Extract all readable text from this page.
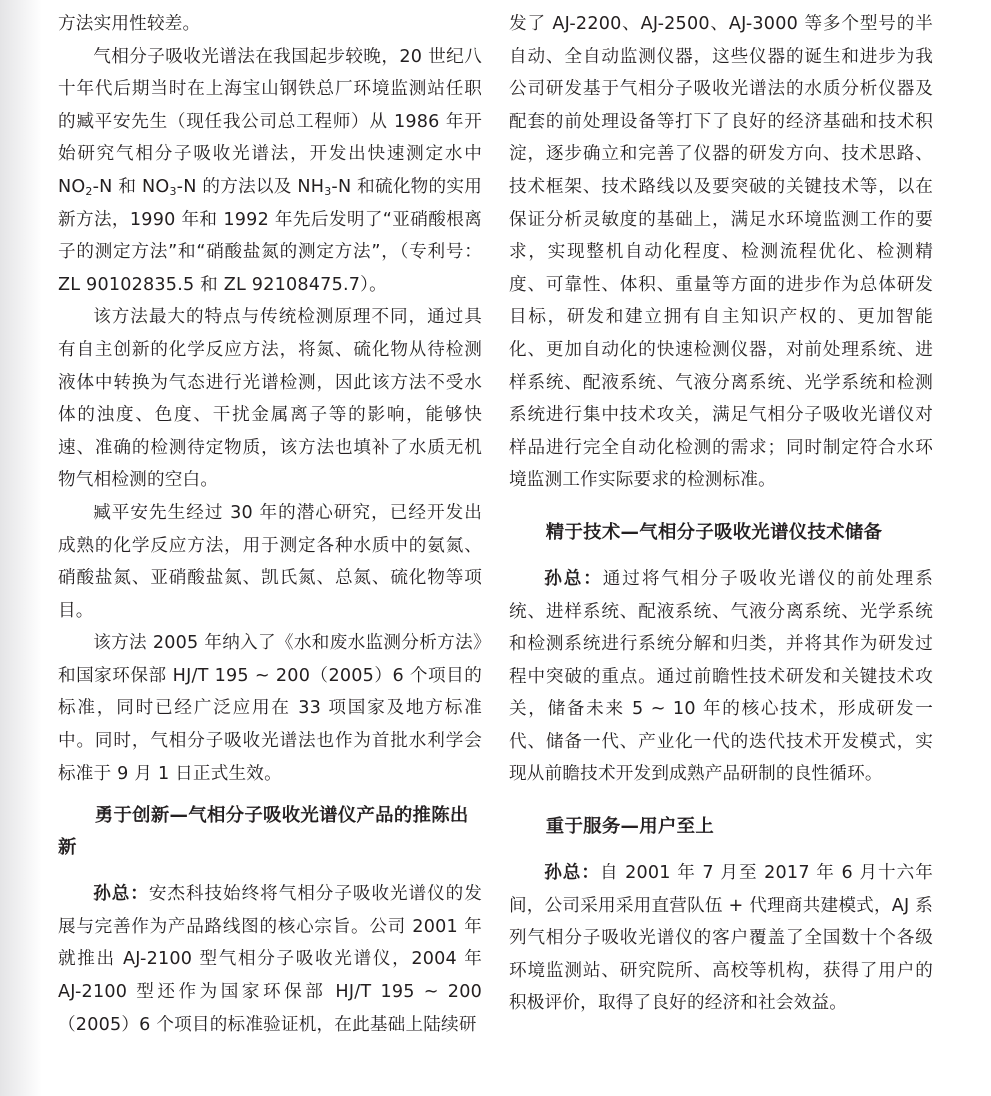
方法实用性较差。

气相分子吸收光谱法在我国起步较晚，20 世纪八十年代后期当时在上海宝山钢铁总厂环境监测站任职的臧平安先生（现任我公司总工程师）从 1986 年开始研究气相分子吸收光谱法，开发出快速测定水中 $NO_2-N$ 和 $NO_3-N$ 的方法以及 $NH_3-N$ 和硫化物的实用新方法，1990 年和 1992 年先后发明了“亚硝酸根离子的测定方法”和“硝酸盐氮的测定方法”，（专利号：ZL 90102835.5 和 ZL 92108475.7）。

该方法最大的特点与传统检测原理不同，通过具有自主创新的化学反应方法，将氮、硫化物从待检测液体中转换为气态进行光谱检测，因此该方法不受水体的浊度、色度、干扰金属离子等的影响，能够快速、准确的检测待定物质，该方法也填补了水质无机物气相检测的空白。

臧平安先生经过 30 年的潜心研究，已经开发出成熟的化学反应方法，用于测定各种水质中的氨氮、硝酸盐氮、亚硝酸盐氮、凯氏氮、总氮、硫化物等项目。

该方法 2005 年纳入了《水和废水监测分析方法》和国家环保部 HJ/T 195 ~ 200（2005）6 个项目的标准，同时已经广泛应用在 33 项国家及地方标准中。同时，气相分子吸收光谱法也作为首批水利学会标准于 9 月 1 日正式生效。

勇于创新—气相分子吸收光谱仪产品的推陈出新

孙总：安杰科技始终将气相分子吸收光谱仪的发展与完善作为产品路线图的核心宗旨。公司 2001 年就推出 AJ-2100 型气相分子吸收光谱仪，2004 年 AJ-2100 型还作为国家环保部 HJ/T 195 ~ 200（2005）6 个项目的标准验证机，在此基础上陆续研

发了 AJ-2200、AJ-2500、AJ-3000 等多个型号的半自动、全自动监测仪器，这些仪器的诞生和进步为我公司研发基于气相分子吸收光谱法的水质分析仪器及配套的前处理设备等打下了良好的经济基础和技术积淀，逐步确立和完善了仪器的研发方向、技术思路、技术框架、技术路线以及要突破的关键技术等，以在保证分析灵敏度的基础上，满足水环境监测工作的要求，实现整机自动化程度、检测流程优化、检测精度、可靠性、体积、重量等方面的进步作为总体研发目标，研发和建立拥有自主知识产权的、更加智能化、更加自动化的快速检测仪器，对前处理系统、进样系统、配液系统、气液分离系统、光学系统和检测系统进行集中技术攻关，满足气相分子吸收光谱仪对样品进行完全自动化检测的需求；同时制定符合水环境监测工作实际要求的检测标准。

精于技术—气相分子吸收光谱仪技术储备

孙总：通过将气相分子吸收光谱仪的前处理系统、进样系统、配液系统、气液分离系统、光学系统和检测系统进行系统分解和归类，并将其作为研发过程中突破的重点。通过前瞻性技术研发和关键技术攻关，储备未来 5 ~ 10 年的核心技术，形成研发一代、储备一代、产业化一代的迭代技术开发模式，实现从前瞻技术开发到成熟产品研制的良性循环。

重于服务—用户至上

孙总：自 2001 年 7 月至 2017 年 6 月十六年间，公司采用采用直营队伍 + 代理商共建模式，AJ 系列气相分子吸收光谱仪的客户覆盖了全国数十个各级环境监测站、研究院所、高校等机构，获得了用户的积极评价，取得了良好的经济和社会效益。
